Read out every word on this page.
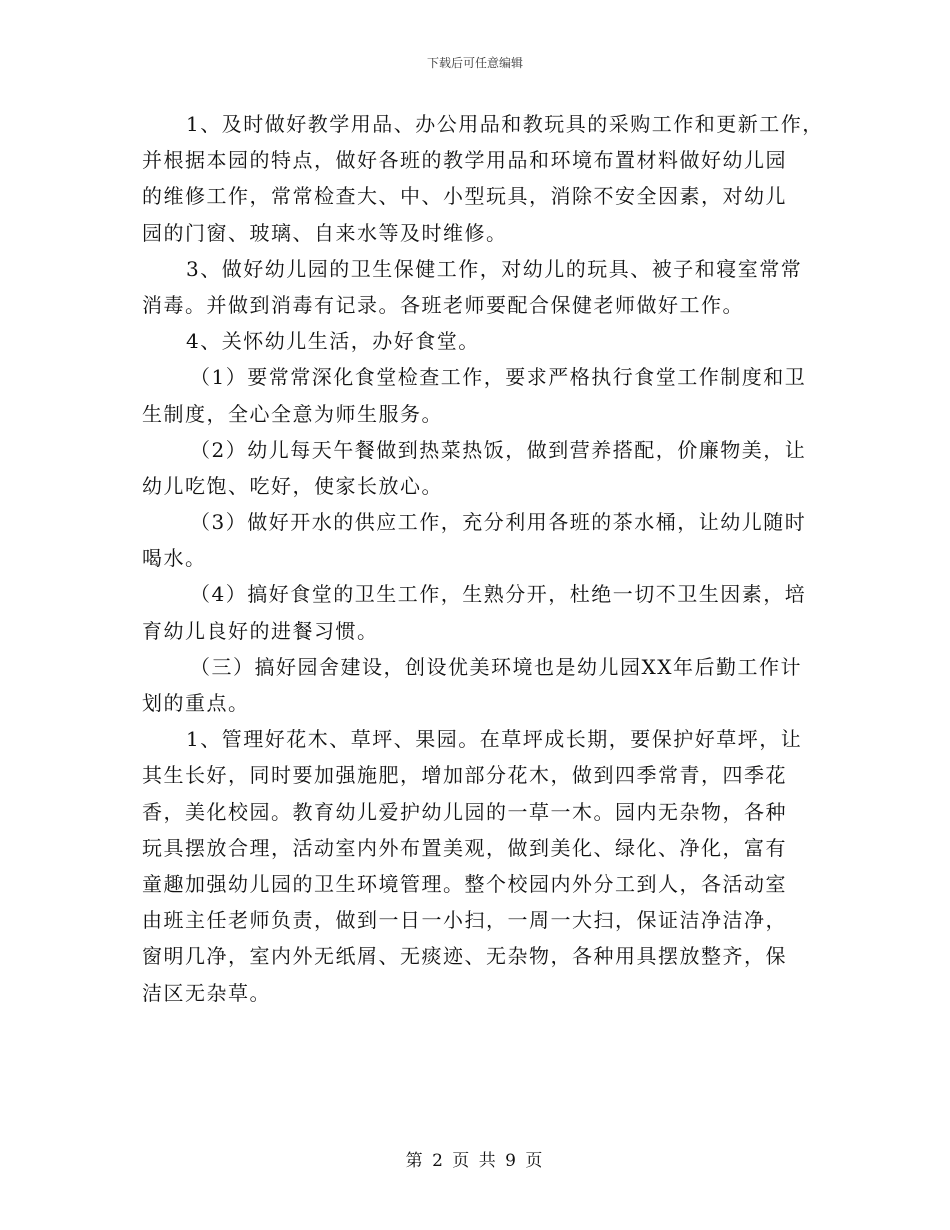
下载后可任意编辑
1、及时做好教学用品、办公用品和教玩具的采购工作和更新工作，
并根据本园的特点，做好各班的教学用品和环境布置材料做好幼儿园
的维修工作，常常检查大、中、小型玩具，消除不安全因素，对幼儿
园的门窗、玻璃、自来水等及时维修。
3、做好幼儿园的卫生保健工作，对幼儿的玩具、被子和寝室常常
消毒。并做到消毒有记录。各班老师要配合保健老师做好工作。
4、关怀幼儿生活，办好食堂。
（1）要常常深化食堂检查工作，要求严格执行食堂工作制度和卫
生制度，全心全意为师生服务。
（2）幼儿每天午餐做到热菜热饭，做到营养搭配，价廉物美，让
幼儿吃饱、吃好，使家长放心。
（3）做好开水的供应工作，充分利用各班的茶水桶，让幼儿随时
喝水。
（4）搞好食堂的卫生工作，生熟分开，杜绝一切不卫生因素，培
育幼儿良好的进餐习惯。
（三）搞好园舍建设，创设优美环境也是幼儿园XX年后勤工作计
划的重点。
1、管理好花木、草坪、果园。在草坪成长期，要保护好草坪，让
其生长好，同时要加强施肥，增加部分花木，做到四季常青，四季花
香，美化校园。教育幼儿爱护幼儿园的一草一木。园内无杂物，各种
玩具摆放合理，活动室内外布置美观，做到美化、绿化、净化，富有
童趣加强幼儿园的卫生环境管理。整个校园内外分工到人，各活动室
由班主任老师负责，做到一日一小扫，一周一大扫，保证洁净洁净，
窗明几净，室内外无纸屑、无痰迹、无杂物，各种用具摆放整齐，保
洁区无杂草。
第 2 页 共 9 页
